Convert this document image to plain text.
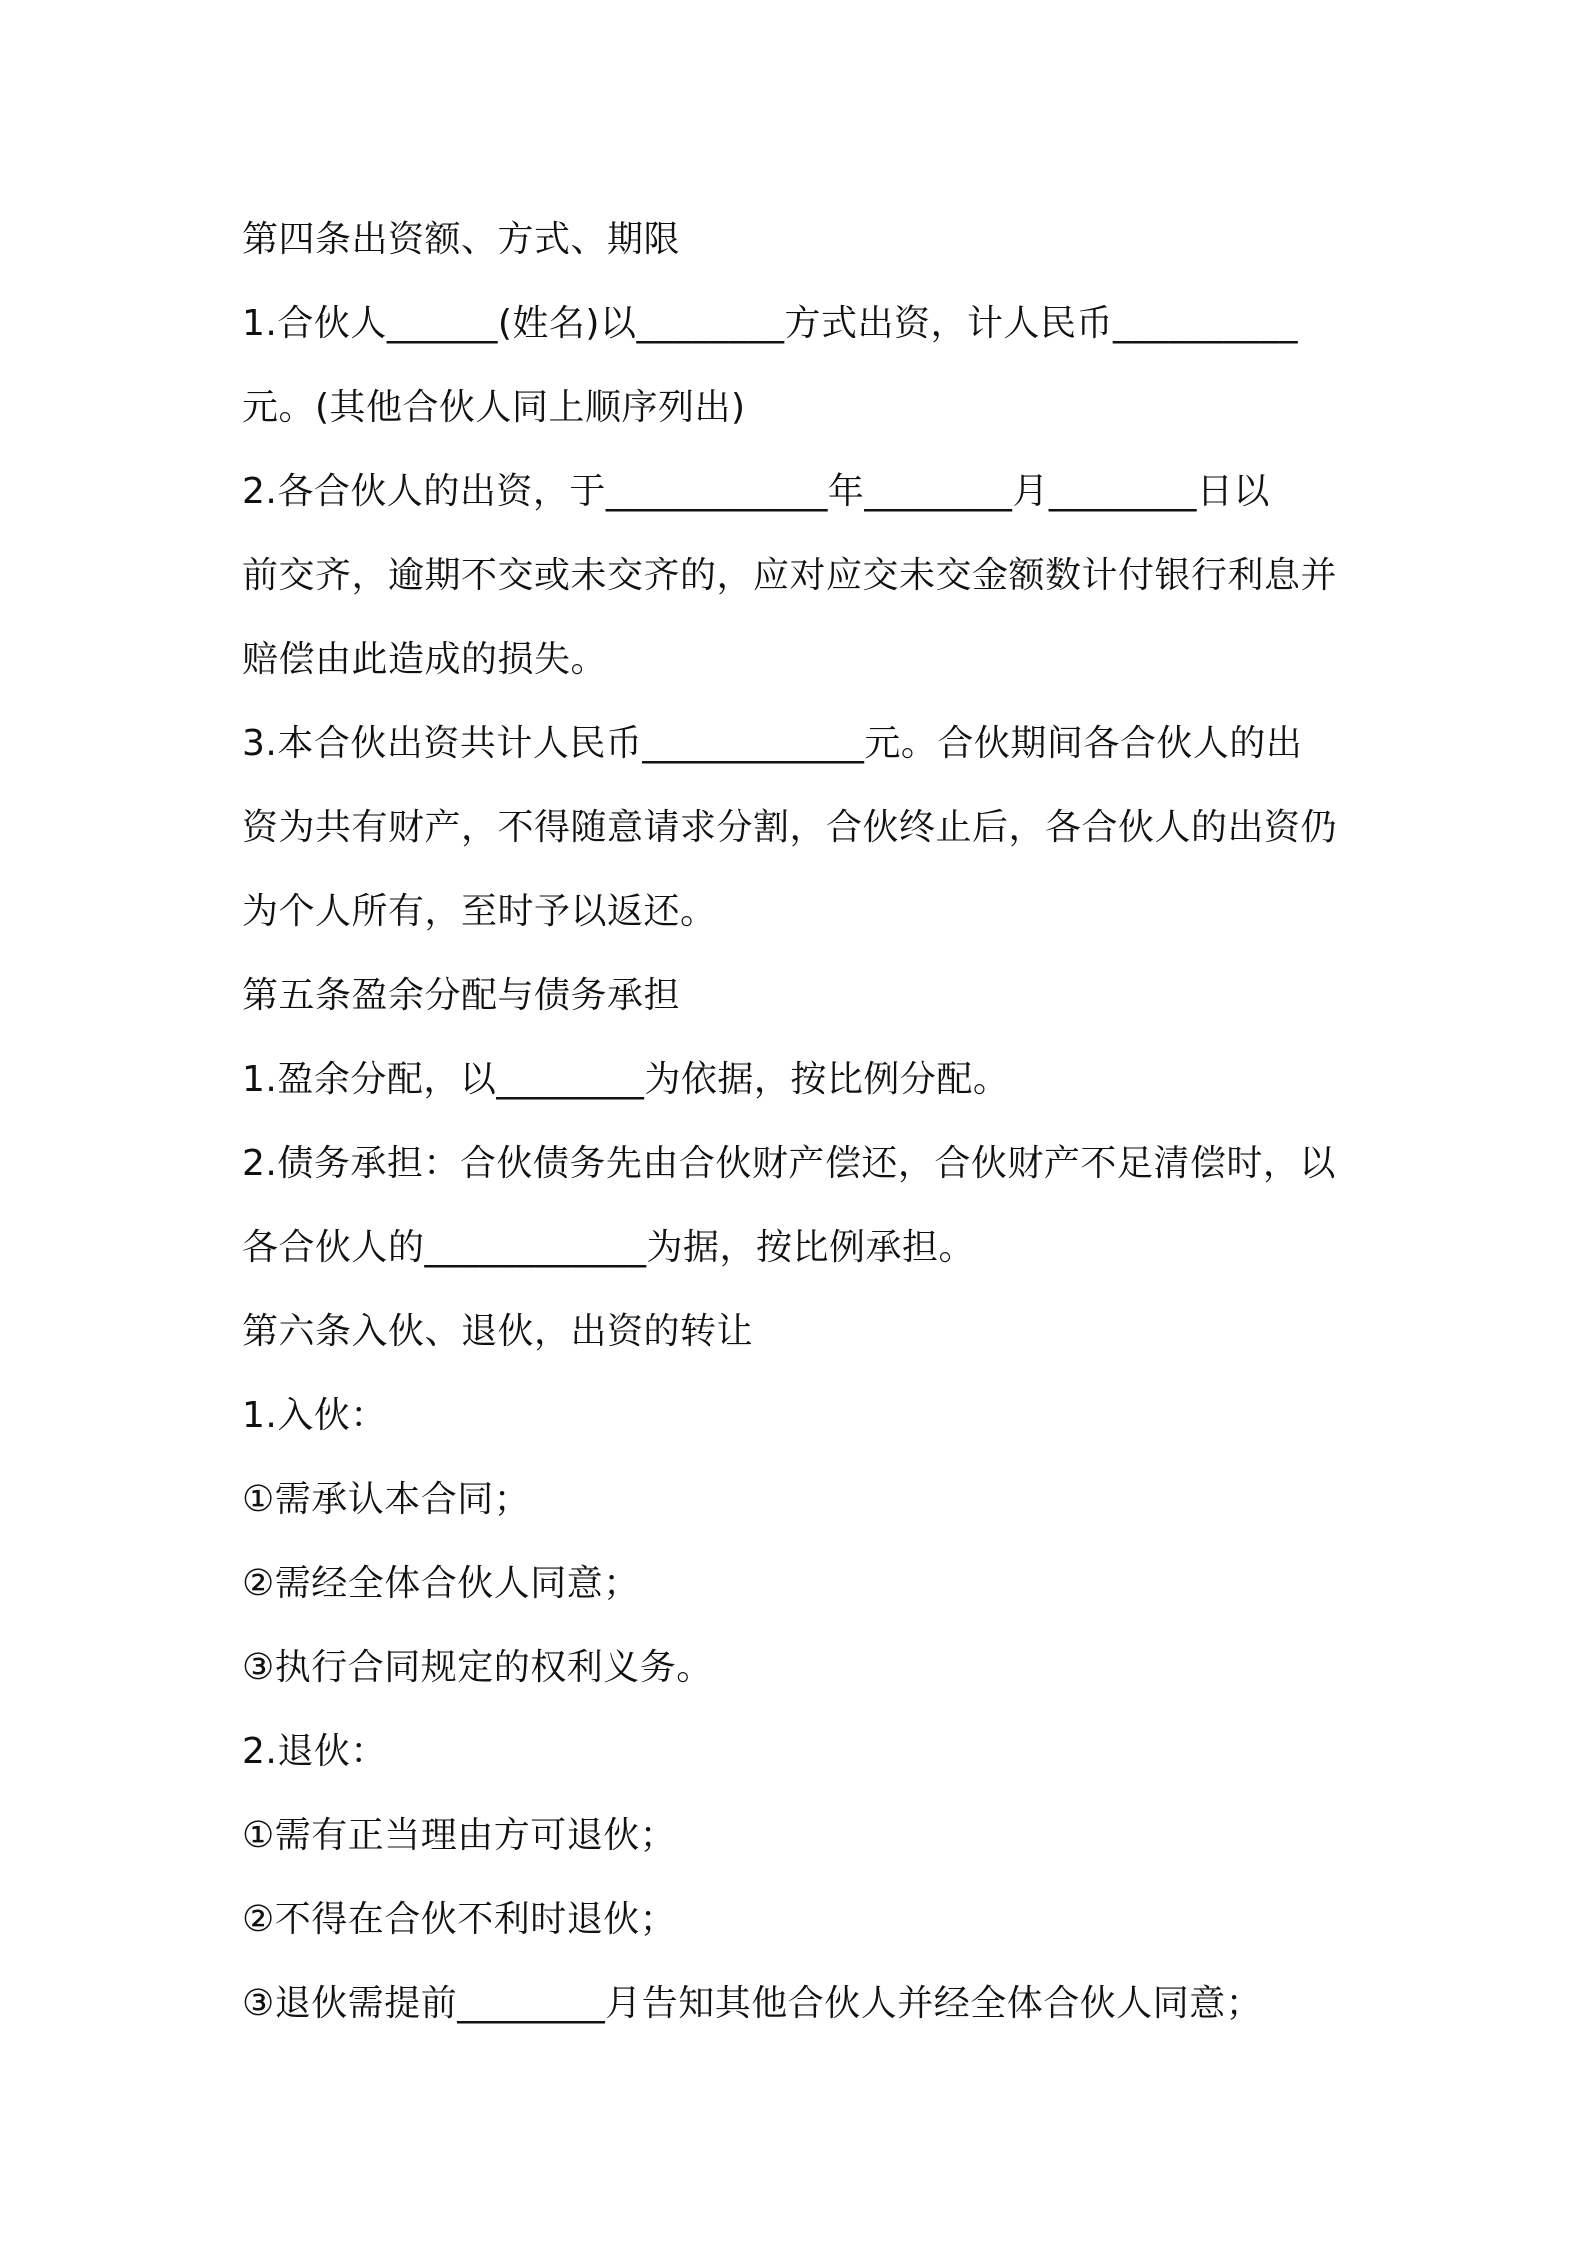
第四条出资额、方式、期限

1.合伙人______(姓名)以________方式出资，计人民币__________

元。(其他合伙人同上顺序列出)

2.各合伙人的出资，于____________年________月________日以

前交齐，逾期不交或未交齐的，应对应交未交金额数计付银行利息并

赔偿由此造成的损失。

3.本合伙出资共计人民币____________元。合伙期间各合伙人的出

资为共有财产，不得随意请求分割，合伙终止后，各合伙人的出资仍

为个人所有，至时予以返还。

第五条盈余分配与债务承担

1.盈余分配，以________为依据，按比例分配。

2.债务承担：合伙债务先由合伙财产偿还，合伙财产不足清偿时，以

各合伙人的____________为据，按比例承担。

第六条入伙、退伙，出资的转让

1.入伙：

①需承认本合同；

②需经全体合伙人同意；

③执行合同规定的权利义务。

2.退伙：

①需有正当理由方可退伙；

②不得在合伙不利时退伙；

③退伙需提前________月告知其他合伙人并经全体合伙人同意；
